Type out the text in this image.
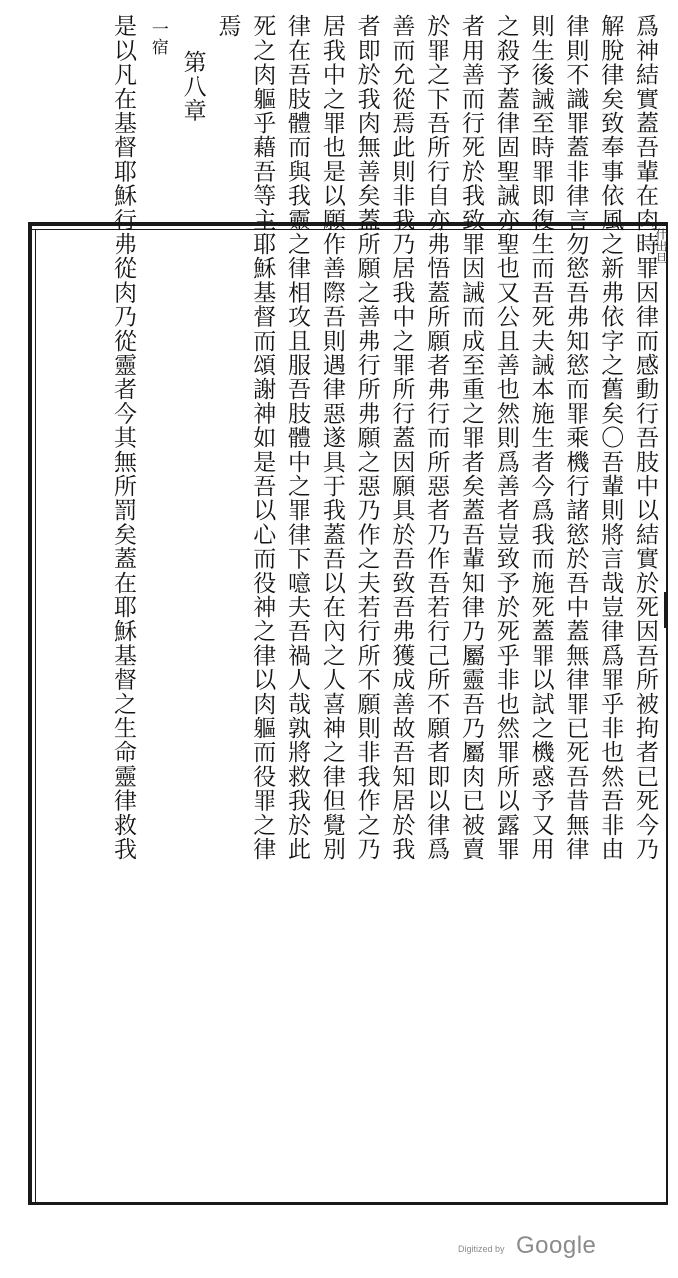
什出旦

爲神結實蓋吾輩在肉時罪因律而感動行吾肢中以結實於死因吾所被拘者已死今乃

解脫律矣致奉事依風之新弗依字之舊矣〇吾輩則將言哉豈律爲罪乎非也然吾非由

律則不識罪蓋非律言勿慾吾弗知慾而罪乘機行諸慾於吾中蓋無律罪已死吾昔無律

則生後誡至時罪即復生而吾死夫誡本施生者今爲我而施死蓋罪以試之機惑予又用

之殺予蓋律固聖誡亦聖也又公且善也然則爲善者豈致予於死乎非也然罪所以露罪

者用善而行死於我致罪因誡而成至重之罪者矣蓋吾輩知律乃屬靈吾乃屬肉已被賣

於罪之下吾所行自亦弗悟蓋所願者弗行而所惡者乃作吾若行己所不願者即以律爲

善而允從焉此則非我乃居我中之罪所行蓋因願具於吾致吾弗獲成善故吾知居於我

者即於我肉無善矣蓋所願之善弗行所弗願之惡乃作之夫若行所不願則非我作之乃

居我中之罪也是以願作善際吾則遇律惡遂具于我蓋吾以在內之人喜神之律但覺別

律在吾肢體而與我靈之律相攻且服吾肢體中之罪律下噫夫吾禍人哉孰將救我於此

死之肉軀乎藉吾等主耶穌基督而頌謝神如是吾以心而役神之律以肉軀而役罪之律

焉

第八章

一宿

是以凡在基督耶穌行弗從肉乃從靈者今其無所罰矣蓋在耶穌基督之生命靈律救我

Digitized by Google
